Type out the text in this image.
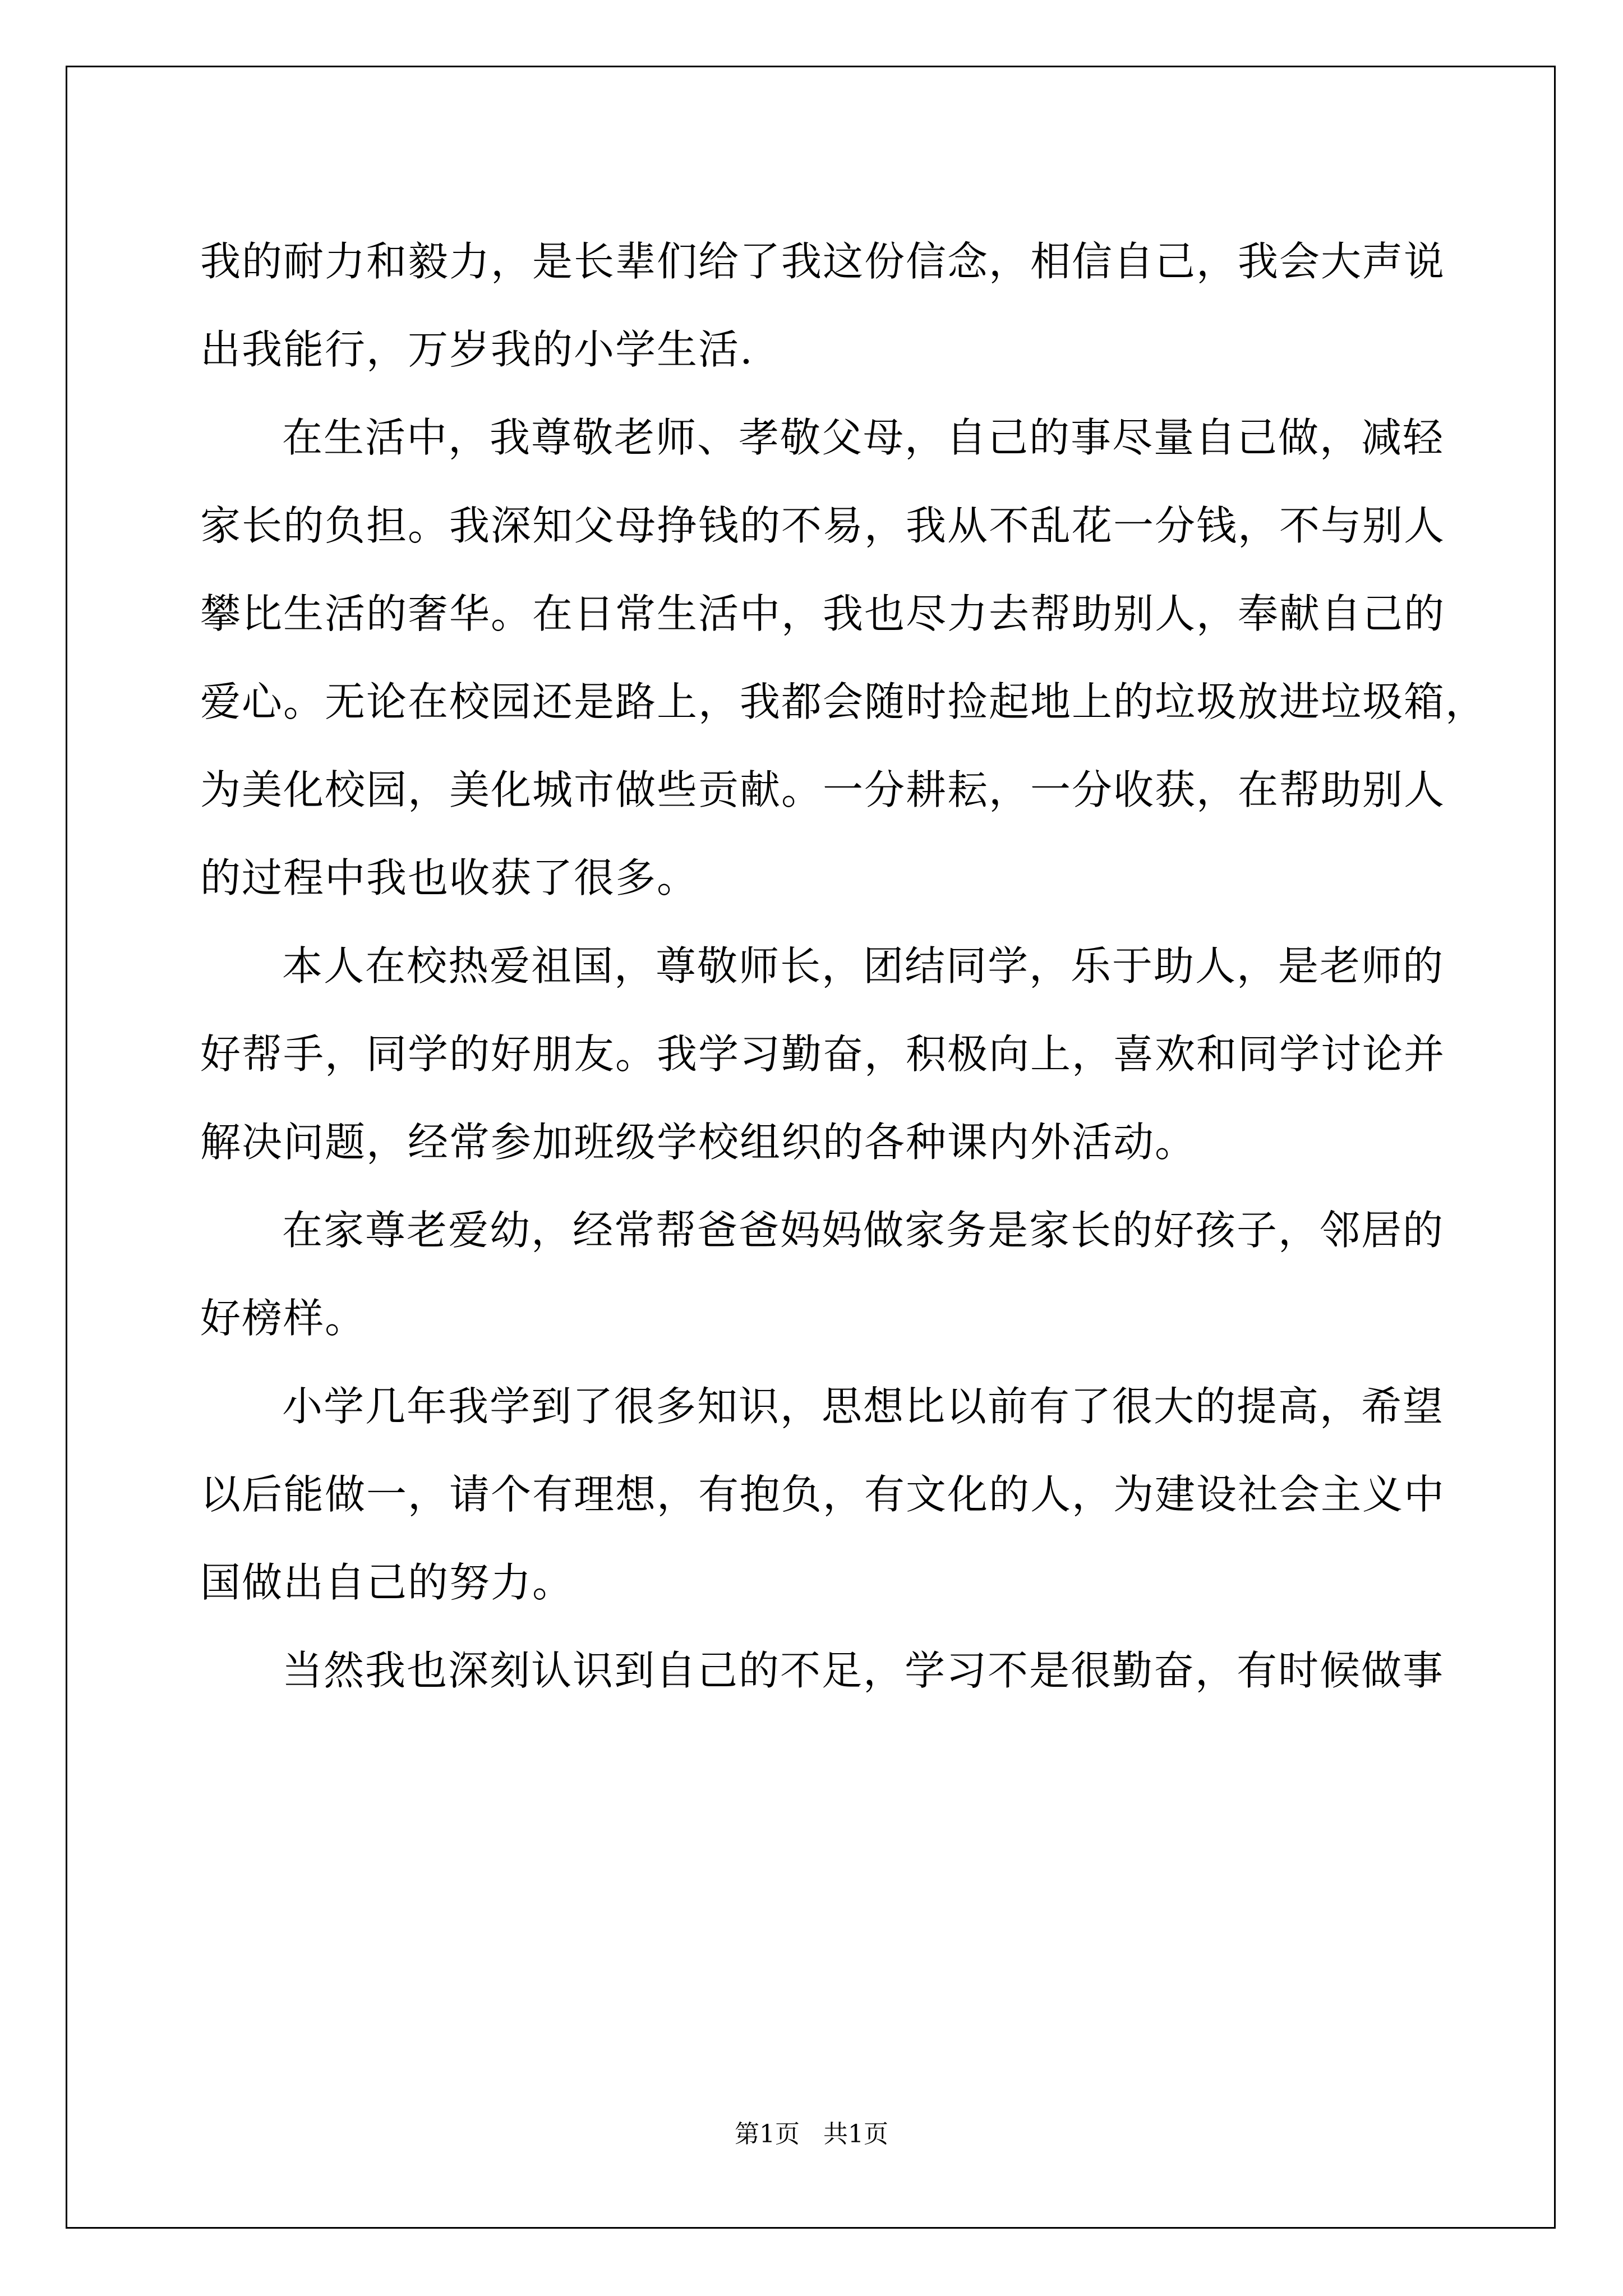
我的耐力和毅力，是长辈们给了我这份信念，相信自己，我会大声说
出我能行，万岁我的小学生活.

在生活中，我尊敬老师、孝敬父母，自己的事尽量自己做，减轻
家长的负担。我深知父母挣钱的不易，我从不乱花一分钱，不与别人
攀比生活的奢华。在日常生活中，我也尽力去帮助别人，奉献自己的
爱心。无论在校园还是路上，我都会随时捡起地上的垃圾放进垃圾箱，
为美化校园，美化城市做些贡献。一分耕耘，一分收获，在帮助别人
的过程中我也收获了很多。

本人在校热爱祖国，尊敬师长，团结同学，乐于助人，是老师的
好帮手，同学的好朋友。我学习勤奋，积极向上，喜欢和同学讨论并
解决问题，经常参加班级学校组织的各种课内外活动。

在家尊老爱幼，经常帮爸爸妈妈做家务是家长的好孩子，邻居的
好榜样。

小学几年我学到了很多知识，思想比以前有了很大的提高，希望
以后能做一，请个有理想，有抱负，有文化的人，为建设社会主义中
国做出自己的努力。

当然我也深刻认识到自己的不足，学习不是很勤奋，有时候做事

第1页   共1页
